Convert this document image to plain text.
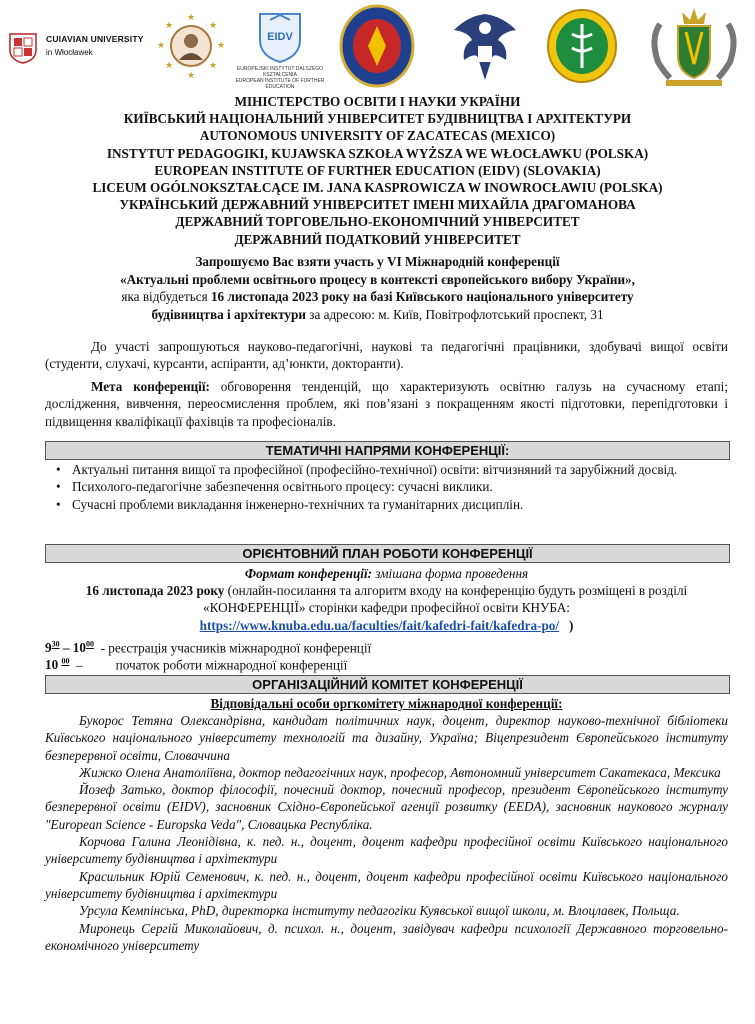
CUIAVIAN UNIVERSITY
in Włocławek
★
★
★
★
★
★
★
★
EIDV
EUROPEJSKI INSTYTUT DALSZEGO KSZTAŁCENIA
EUROPEAN INSTITUTE OF FURTHER EDUCATION
МІНІСТЕРСТВО ОСВІТИ І НАУКИ УКРАЇНИ
КИЇВСЬКИЙ НАЦІОНАЛЬНИЙ УНІВЕРСИТЕТ БУДІВНИЦТВА І АРХІТЕКТУРИ
AUTONOMOUS UNIVERSITY OF ZACATECAS (MEXICO)
INSTYTUT PEDAGOGIKI, KUJAWSKA SZKOŁA WYŻSZA WE WŁOCŁAWKU (POLSKA)
EUROPEAN INSTITUTE OF FURTHER EDUCATION (EIDV) (SLOVAKIA)
LICEUM OGÓLNOKSZTAŁCĄCE IM. JANA KASPROWICZA W INOWROCŁAWIU (POLSKA)
УКРАЇНСЬКИЙ ДЕРЖАВНИЙ УНІВЕРСИТЕТ ІМЕНІ МИХАЙЛА ДРАГОМАНОВА
ДЕРЖАВНИЙ ТОРГОВЕЛЬНО-ЕКОНОМІЧНИЙ УНІВЕРСИТЕТ
ДЕРЖАВНИЙ ПОДАТКОВИЙ УНІВЕРСИТЕТ
Запрошуємо Вас взяти участь у VI Міжнародній конференції
«Актуальні проблеми освітнього процесу в контексті європейського вибору України»,
яка відбудеться 16 листопада 2023 року на базі Київського національного університету
будівництва і архітектури за адресою: м. Київ, Повітрофлотський проспект, 31
До участі запрошуються науково-педагогічні, наукові та педагогічні працівники, здобувачі вищої освіти (студенти, слухачі, курсанти, аспіранти, ад’юнкти, докторанти).
Мета конференції: обговорення тенденцій, що характеризують освітню галузь на сучасному етапі; дослідження, вивчення, переосмислення проблем, які пов’язані з покращенням якості підготовки, перепідготовки і підвищення кваліфікації фахівців та професіоналів.
ТЕМАТИЧНІ НАПРЯМИ КОНФЕРЕНЦІЇ:
• Актуальні питання вищої та професійної (професійно-технічної) освіти: вітчизняний та зарубіжний досвід.
• Психолого-педагогічне забезпечення освітнього процесу: сучасні виклики.
• Сучасні проблеми викладання інженерно-технічних та гуманітарних дисциплін.
ОРІЄНТОВНИЙ ПЛАН РОБОТИ КОНФЕРЕНЦІЇ
Формат конференції: змішана форма проведення
16 листопада 2023 року (онлайн-посилання та алгоритм входу на конференцію будуть розміщені в розділі «КОНФЕРЕНЦІЇ» сторінки кафедри професійної освіти КНУБА:
https://www.knuba.edu.ua/faculties/fait/kafedri-fait/kafedra-po/ )
$9^{30} - 10^{00}$  - реєстрація учасників міжнародної конференції
10 $^{00}$  –          початок роботи міжнародної конференції
ОРГАНІЗАЦІЙНИЙ КОМІТЕТ КОНФЕРЕНЦІЇ
Відповідальні особи оргкомітету міжнародної конференції:

Букорос Тетяна Олександрівна, кандидат політичних наук, доцент, директор науково-технічної бібліотеки Київського національного університету технологій та дизайну, Україна; Віцепрезидент Європейського інституту безперервної освіти, Словаччина

Жижко Олена Анатоліївна, доктор педагогічних наук, професор, Автономний університет Сакатекаса, Мексика

Йозеф Затько, доктор філософії, почесний доктор, почесний професор, президент Європейського інституту безперервної освіти (EIDV), засновник Східно-Європейської агенції розвитку (EEDA), засновник наукового журналу "European Science - Europska Veda", Словацька Республіка.

Корчова Галина Леонідівна, к. пед. н., доцент, доцент кафедри професійної освіти Київського національного університету будівництва і архітектури

Красильник Юрій Семенович, к. пед. н., доцент, доцент кафедри професійної освіти Київського національного університету будівництва і архітектури

Урсула Кемпінська, PhD, директорка інституту педагогіки Куявської вищої школи, м. Влоцлавек, Польща.

Миронець Сергій Миколайович, д. психол. н., доцент, завідувач кафедри психології Державного торговельно-економічного університету
